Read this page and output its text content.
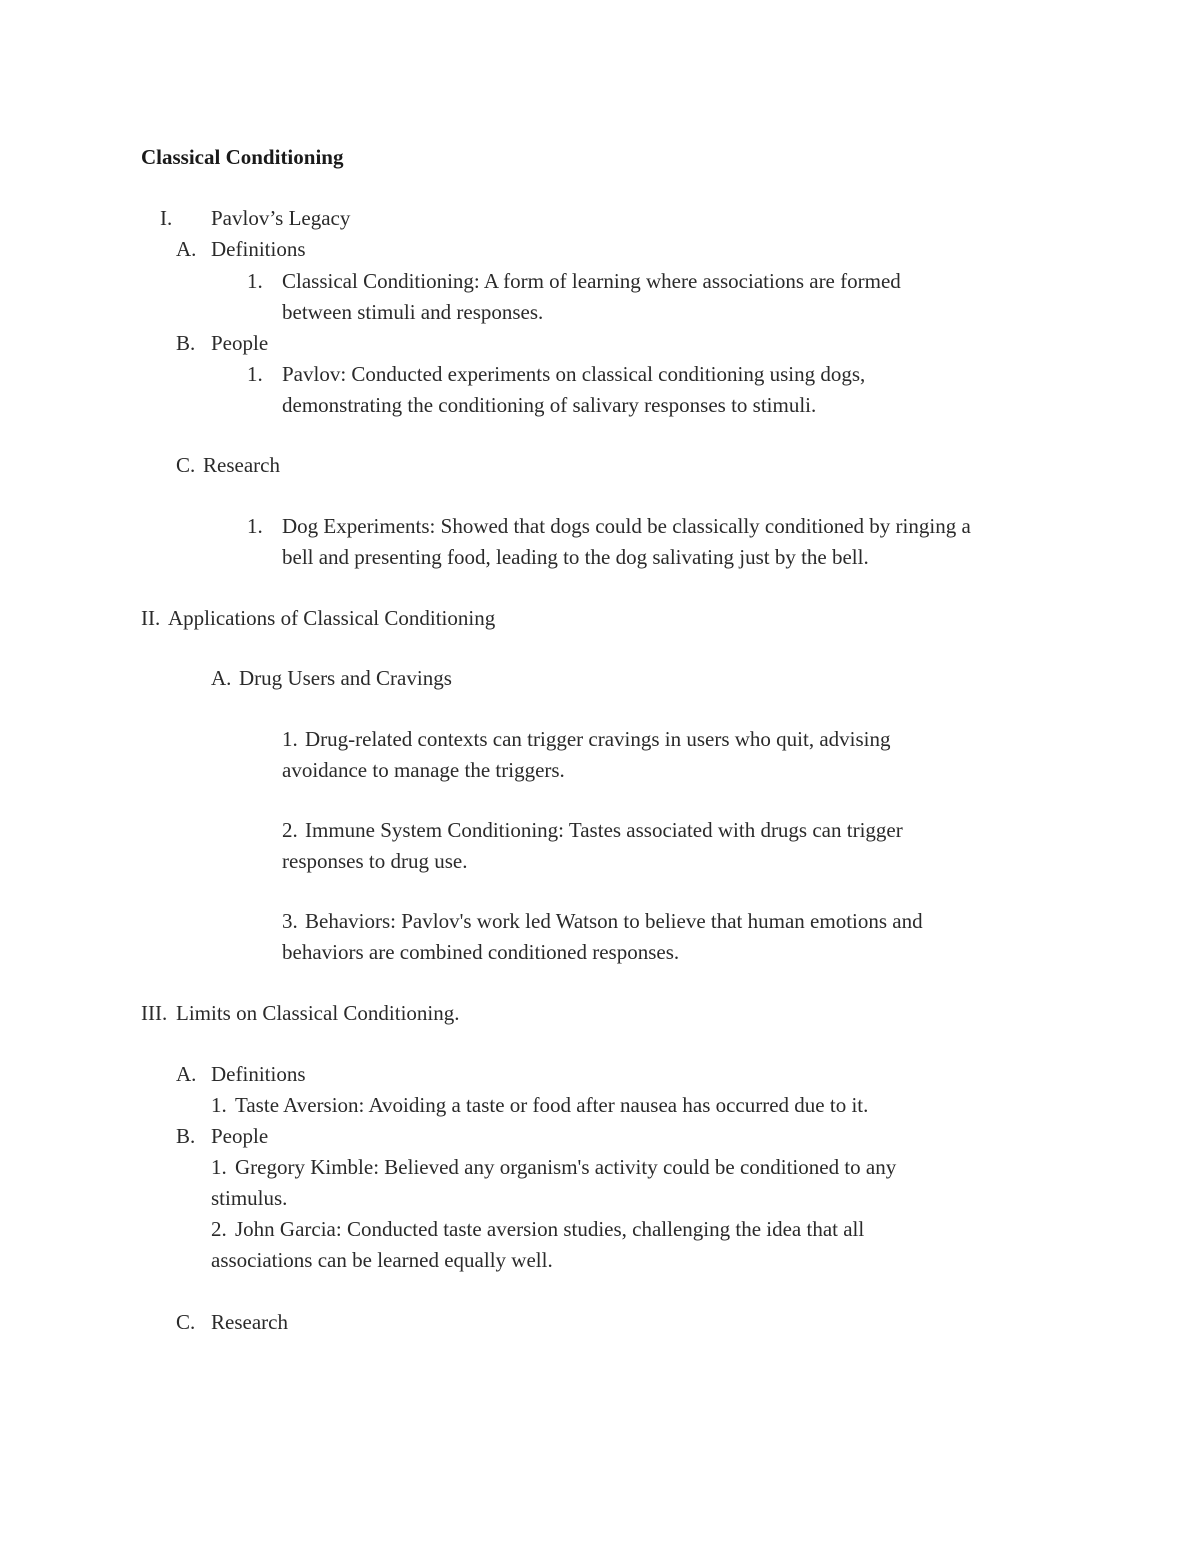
Classical Conditioning
I. Pavlov’s Legacy
A. Definitions
1. Classical Conditioning: A form of learning where associations are formed
between stimuli and responses.
B. People
1. Pavlov: Conducted experiments on classical conditioning using dogs,
demonstrating the conditioning of salivary responses to stimuli.
C. Research
1. Dog Experiments: Showed that dogs could be classically conditioned by ringing a
bell and presenting food, leading to the dog salivating just by the bell.
II. Applications of Classical Conditioning
A. Drug Users and Cravings
1. Drug-related contexts can trigger cravings in users who quit, advising
avoidance to manage the triggers.
2. Immune System Conditioning: Tastes associated with drugs can trigger
responses to drug use.
3. Behaviors: Pavlov's work led Watson to believe that human emotions and
behaviors are combined conditioned responses.
III. Limits on Classical Conditioning.
A. Definitions
1. Taste Aversion: Avoiding a taste or food after nausea has occurred due to it.
B. People
1. Gregory Kimble: Believed any organism's activity could be conditioned to any
stimulus.
2. John Garcia: Conducted taste aversion studies, challenging the idea that all
associations can be learned equally well.
C. Research
